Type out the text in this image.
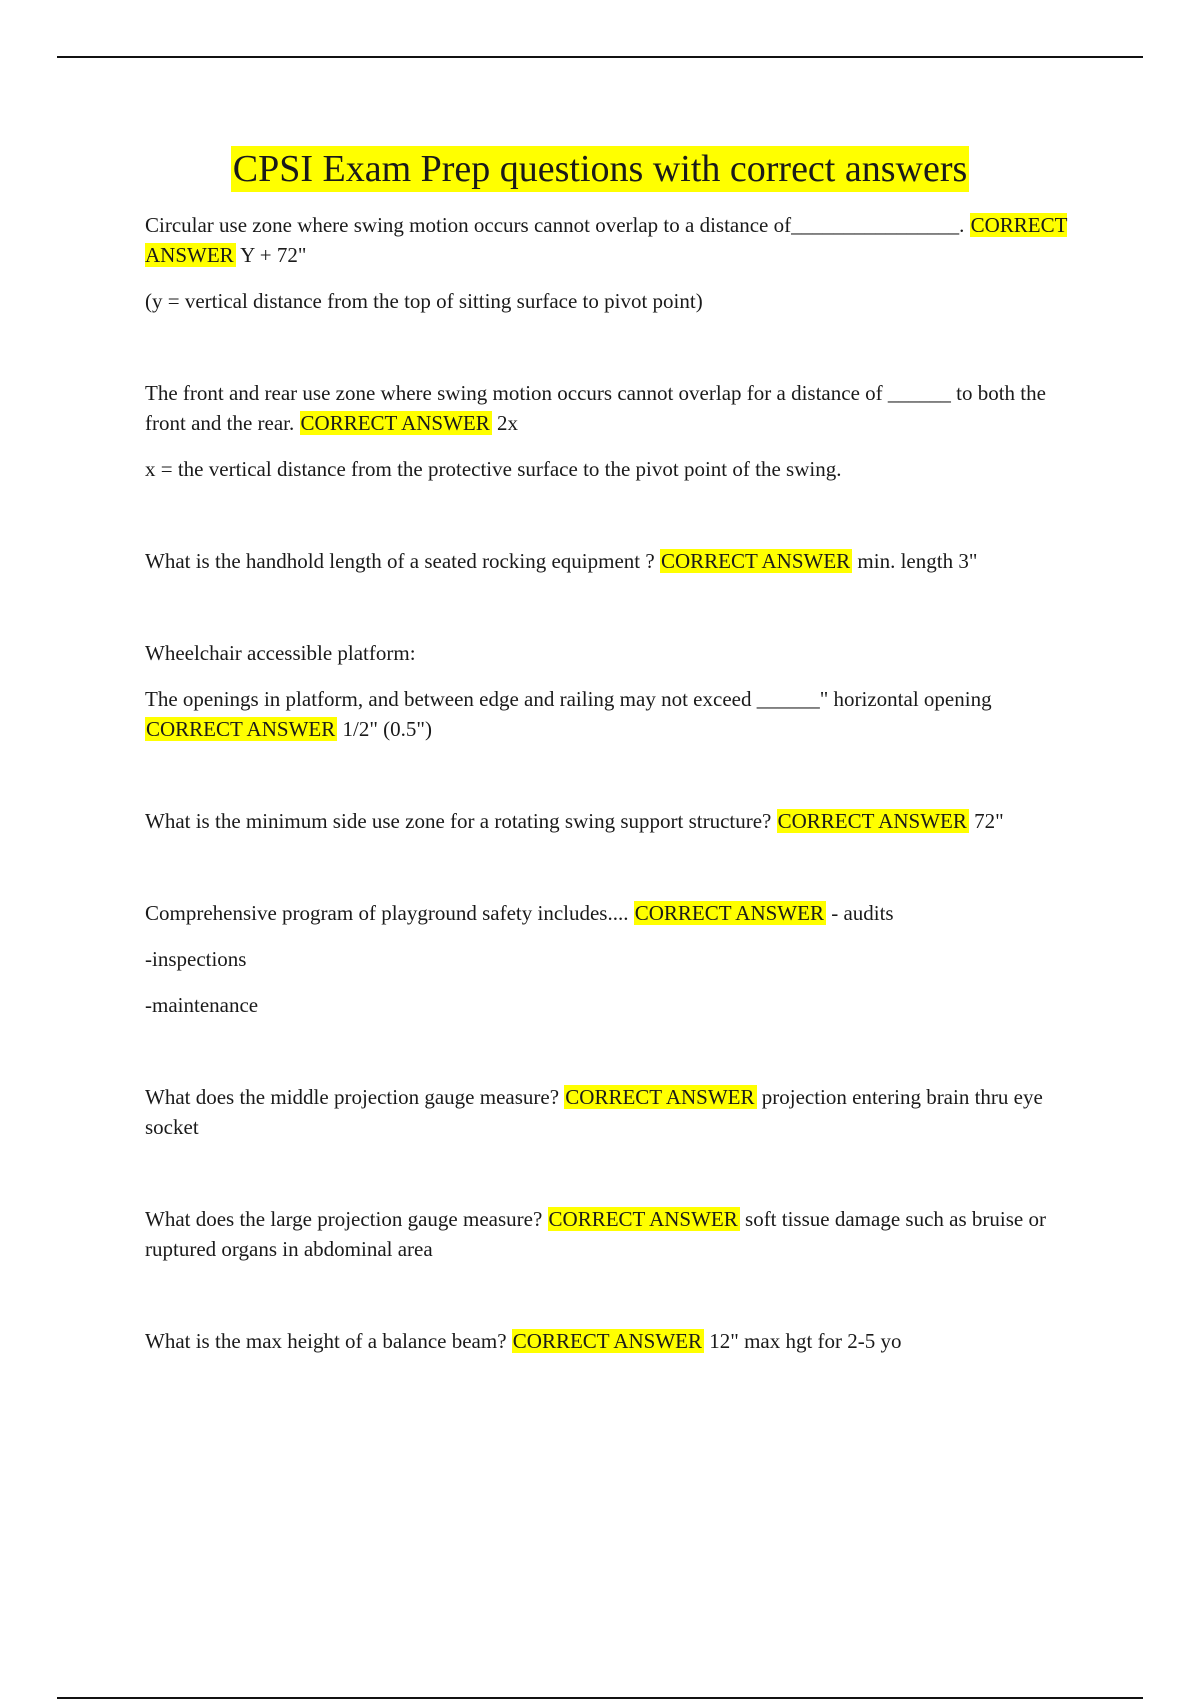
CPSI Exam Prep questions with correct answers

Circular use zone where swing motion occurs cannot overlap to a distance of________________. CORRECT ANSWER Y + 72"

(y = vertical distance from the top of sitting surface to pivot point)

The front and rear use zone where swing motion occurs cannot overlap for a distance of ______ to both the front and the rear. CORRECT ANSWER 2x

x = the vertical distance from the protective surface to the pivot point of the swing.

What is the handhold length of a seated rocking equipment ? CORRECT ANSWER min. length 3"

Wheelchair accessible platform:

The openings in platform, and between edge and railing may not exceed ______" horizontal opening CORRECT ANSWER 1/2" (0.5")

What is the minimum side use zone for a rotating swing support structure? CORRECT ANSWER 72"

Comprehensive program of playground safety includes.... CORRECT ANSWER - audits

-inspections

-maintenance

What does the middle projection gauge measure? CORRECT ANSWER projection entering brain thru eye socket

What does the large projection gauge measure? CORRECT ANSWER soft tissue damage such as bruise or ruptured organs in abdominal area

What is the max height of a balance beam? CORRECT ANSWER 12" max hgt for 2-5 yo
